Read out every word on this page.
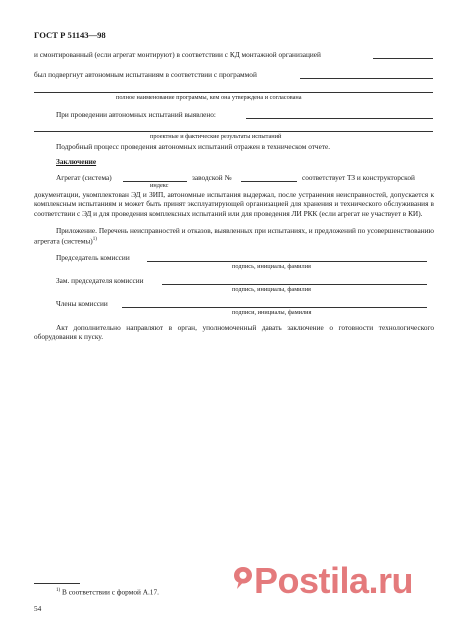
ГОСТ Р 51143—98
и смонтированный (если агрегат монтируют) в соответствии с КД монтажной организацией
был подвергнут автономным испытаниям в соответствии с программой
полное наименование программы, кем она утверждена и согласована
При проведении автономных испытаний выявлено:
проектные и фактические результаты испытаний
Подробный процесс проведения автономных испытаний отражен в техническом отчете.
Заключение
Агрегат (система)	заводской №	соответствует ТЗ и конструкторской
индекс
документации, укомплектован ЭД и ЗИП, автономные испытания выдержал, после устранения неисправностей, допускается к комплексным испытаниям и может быть принят эксплуатирующей организацией для хранения и технического обслуживания в соответствии с ЭД и для проведения комплексных испытаний или для проведения ЛИ РКК (если агрегат не участвует в КИ).
Приложение. Перечень неисправностей и отказов, выявленных при испытаниях, и предложений по усовершенствованию агрегата (системы)$^{1)}$
Председатель комиссии
подпись, инициалы, фамилия
Зам. председателя комиссии
подпись, инициалы, фамилия
Члены комиссии
подписи, инициалы, фамилия
Акт дополнительно направляют в орган, уполномоченный давать заключение о готовности технологического оборудования к пуску.
$^{1)}$ В соответствии с формой А.17.
54
Postila.ru
